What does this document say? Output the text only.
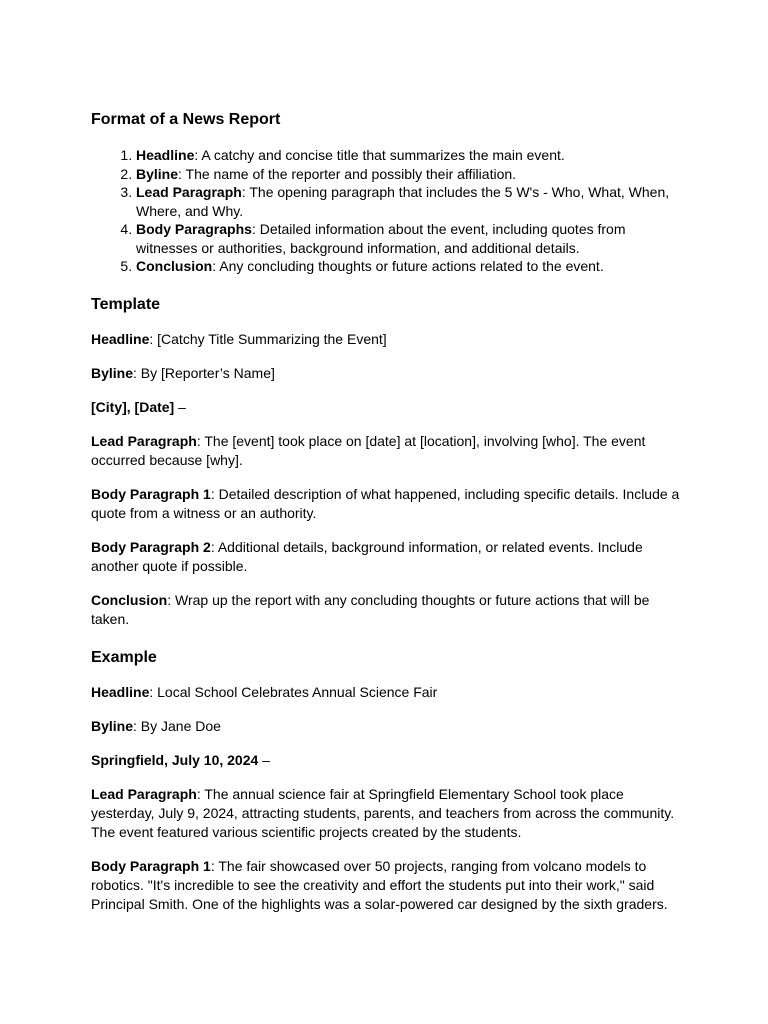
Format of a News Report
1. Headline: A catchy and concise title that summarizes the main event.
2. Byline: The name of the reporter and possibly their affiliation.
3. Lead Paragraph: The opening paragraph that includes the 5 W's - Who, What, When, Where, and Why.
4. Body Paragraphs: Detailed information about the event, including quotes from witnesses or authorities, background information, and additional details.
5. Conclusion: Any concluding thoughts or future actions related to the event.
Template

Headline: [Catchy Title Summarizing the Event]

Byline: By [Reporter’s Name]

[City], [Date] –

Lead Paragraph: The [event] took place on [date] at [location], involving [who]. The event occurred because [why].

Body Paragraph 1: Detailed description of what happened, including specific details. Include a quote from a witness or an authority.

Body Paragraph 2: Additional details, background information, or related events. Include another quote if possible.

Conclusion: Wrap up the report with any concluding thoughts or future actions that will be taken.

Example

Headline: Local School Celebrates Annual Science Fair

Byline: By Jane Doe

Springfield, July 10, 2024 –

Lead Paragraph: The annual science fair at Springfield Elementary School took place yesterday, July 9, 2024, attracting students, parents, and teachers from across the community. The event featured various scientific projects created by the students.

Body Paragraph 1: The fair showcased over 50 projects, ranging from volcano models to robotics. "It's incredible to see the creativity and effort the students put into their work," said Principal Smith. One of the highlights was a solar-powered car designed by the sixth graders.
